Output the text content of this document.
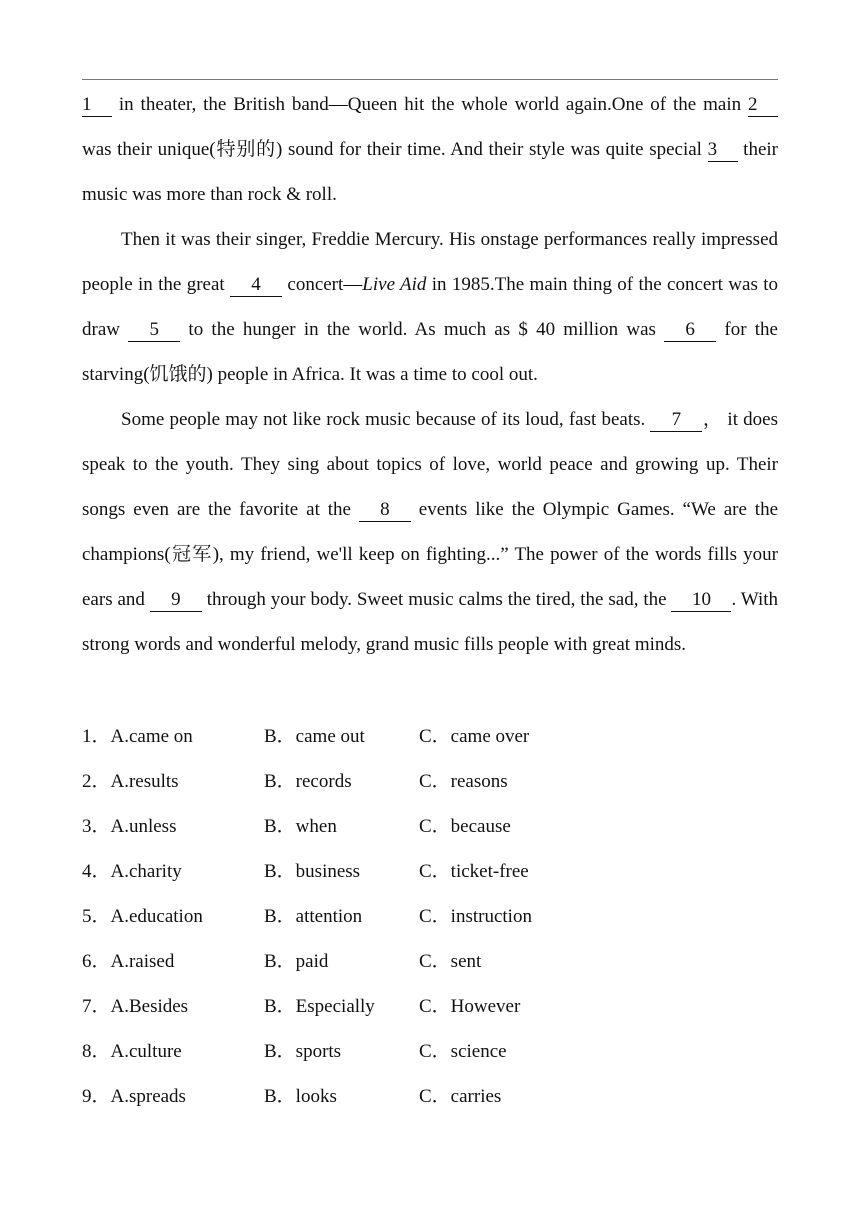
1 in theater, the British band—Queen hit the whole world again.One of the main 2 was their unique(特别的) sound for their time. And their style was quite special 3 their music was more than rock & roll.

Then it was their singer, Freddie Mercury. His onstage performances really impressed people in the great 4 concert—Live Aid in 1985.The main thing of the concert was to draw 5 to the hunger in the world. As much as $ 40 million was 6 for the starving(饥饿的) people in Africa. It was a time to cool out.

Some people may not like rock music because of its loud, fast beats. 7 ， it does speak to the youth. They sing about topics of love, world peace and growing up. Their songs even are the favorite at the 8 events like the Olympic Games. “We are the champions(冠军), my friend, we'll keep on fighting...” The power of the words fills your ears and 9 through your body. Sweet music calms the tired, the sad, the 10 . With strong words and wonderful melody, grand music fills people with great minds.

1．A.came on	B．came out	C．came over
2．A.results	B．records	C．reasons
3．A.unless	B．when	C．because
4．A.charity	B．business	C．ticket-free
5．A.education	B．attention	C．instruction
6．A.raised	B．paid	C．sent
7．A.Besides	B．Especially C．However
8．A.culture	B．sports	C．science
9．A.spreads	B．looks	C．carries
